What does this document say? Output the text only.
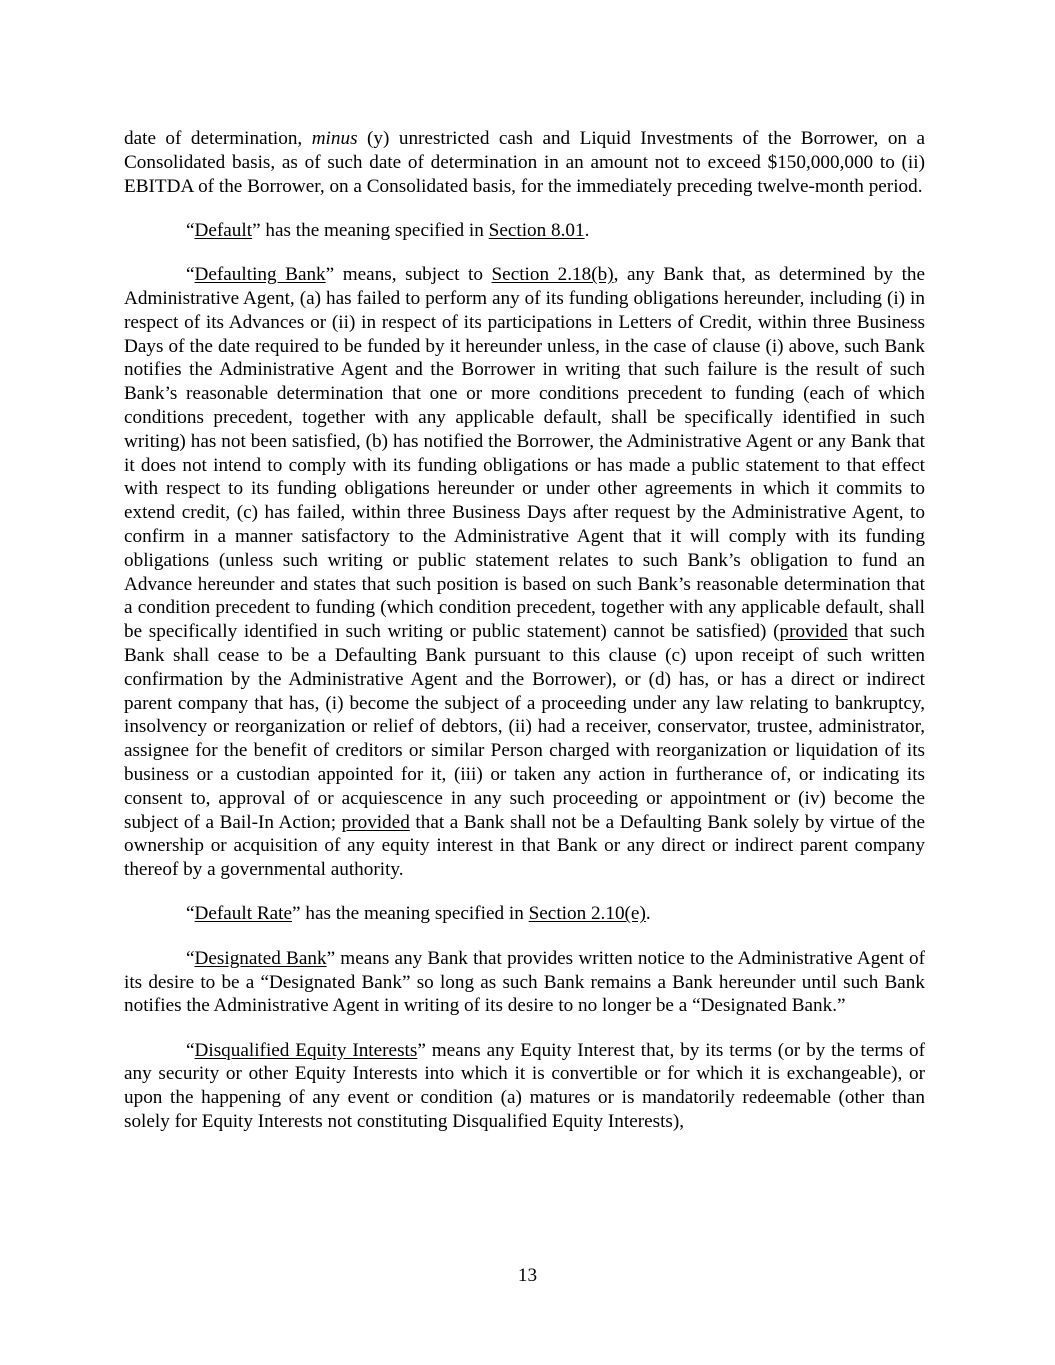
date of determination, minus (y) unrestricted cash and Liquid Investments of the Borrower, on a Consolidated basis, as of such date of determination in an amount not to exceed $150,000,000 to (ii) EBITDA of the Borrower, on a Consolidated basis, for the immediately preceding twelve-month period.

“Default” has the meaning specified in Section 8.01.

“Defaulting Bank” means, subject to Section 2.18(b), any Bank that, as determined by the Administrative Agent, (a) has failed to perform any of its funding obligations hereunder, including (i) in respect of its Advances or (ii) in respect of its participations in Letters of Credit, within three Business Days of the date required to be funded by it hereunder unless, in the case of clause (i) above, such Bank notifies the Administrative Agent and the Borrower in writing that such failure is the result of such Bank’s reasonable determination that one or more conditions precedent to funding (each of which conditions precedent, together with any applicable default, shall be specifically identified in such writing) has not been satisfied, (b) has notified the Borrower, the Administrative Agent or any Bank that it does not intend to comply with its funding obligations or has made a public statement to that effect with respect to its funding obligations hereunder or under other agreements in which it commits to extend credit, (c) has failed, within three Business Days after request by the Administrative Agent, to confirm in a manner satisfactory to the Administrative Agent that it will comply with its funding obligations (unless such writing or public statement relates to such Bank’s obligation to fund an Advance hereunder and states that such position is based on such Bank’s reasonable determination that a condition precedent to funding (which condition precedent, together with any applicable default, shall be specifically identified in such writing or public statement) cannot be satisfied) (provided that such Bank shall cease to be a Defaulting Bank pursuant to this clause (c) upon receipt of such written confirmation by the Administrative Agent and the Borrower), or (d) has, or has a direct or indirect parent company that has, (i) become the subject of a proceeding under any law relating to bankruptcy, insolvency or reorganization or relief of debtors, (ii) had a receiver, conservator, trustee, administrator, assignee for the benefit of creditors or similar Person charged with reorganization or liquidation of its business or a custodian appointed for it, (iii) or taken any action in furtherance of, or indicating its consent to, approval of or acquiescence in any such proceeding or appointment or (iv) become the subject of a Bail-In Action; provided that a Bank shall not be a Defaulting Bank solely by virtue of the ownership or acquisition of any equity interest in that Bank or any direct or indirect parent company thereof by a governmental authority.

“Default Rate” has the meaning specified in Section 2.10(e).

“Designated Bank” means any Bank that provides written notice to the Administrative Agent of its desire to be a “Designated Bank” so long as such Bank remains a Bank hereunder until such Bank notifies the Administrative Agent in writing of its desire to no longer be a “Designated Bank.”

“Disqualified Equity Interests” means any Equity Interest that, by its terms (or by the terms of any security or other Equity Interests into which it is convertible or for which it is exchangeable), or upon the happening of any event or condition (a) matures or is mandatorily redeemable (other than solely for Equity Interests not constituting Disqualified Equity Interests),

13
